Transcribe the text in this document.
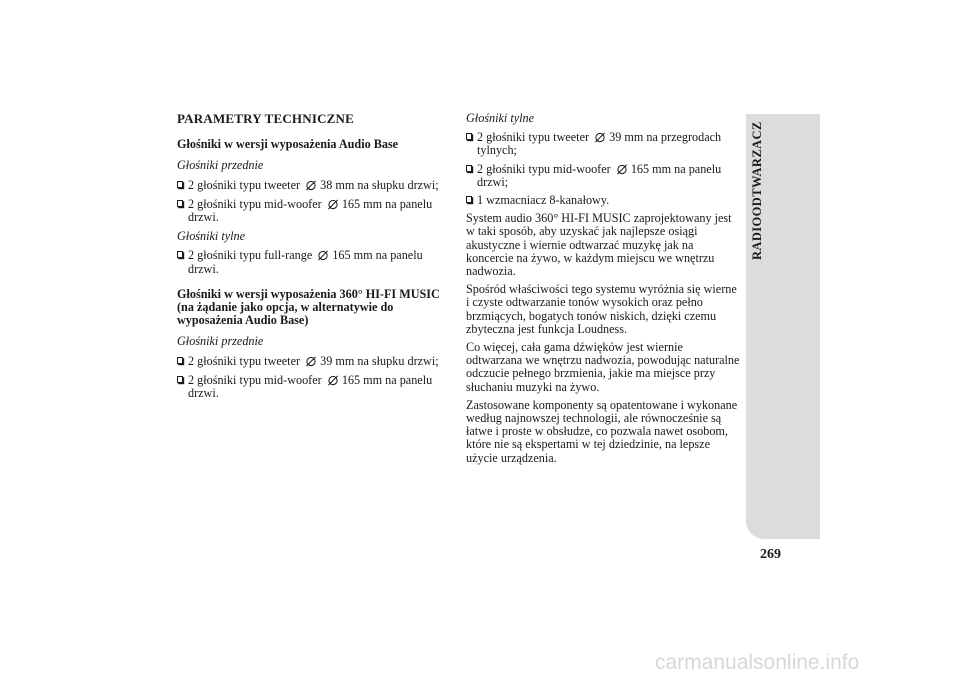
PARAMETRY TECHNICZNE
Głośniki w wersji wyposażenia Audio Base
Głośniki przednie
2 głośniki typu tweeter 38 mm na słupku drzwi;
2 głośniki typu mid-woofer 165 mm na panelu drzwi.
Głośniki tylne
2 głośniki typu full-range 165 mm na panelu drzwi.
Głośniki w wersji wyposażenia 360° HI-FI MUSIC (na żądanie jako opcja, w alternatywie do wyposażenia Audio Base)
Głośniki przednie
2 głośniki typu tweeter 39 mm na słupku drzwi;
2 głośniki typu mid-woofer 165 mm na panelu drzwi.
Głośniki tylne
2 głośniki typu tweeter 39 mm na przegrodach tylnych;
2 głośniki typu mid-woofer 165 mm na panelu drzwi;
1 wzmacniacz 8-kanałowy.
System audio 360° HI-FI MUSIC zaprojektowany jest w taki sposób, aby uzyskać jak najlepsze osiągi akustyczne i wiernie odtwarzać muzykę jak na koncercie na żywo, w każdym miejscu we wnętrzu nadwozia.
Spośród właściwości tego systemu wyróżnia się wierne i czyste odtwarzanie tonów wysokich oraz pełno brzmiących, bogatych tonów niskich, dzięki czemu zbyteczna jest funkcja Loudness.
Co więcej, cała gama dźwięków jest wiernie odtwarzana we wnętrzu nadwozia, powodując naturalne odczucie pełnego brzmienia, jakie ma miejsce przy słuchaniu muzyki na żywo.
Zastosowane komponenty są opatentowane i wykonane według najnowszej technologii, ale równocześnie są łatwe i proste w obsłudze, co pozwala nawet osobom, które nie są ekspertami w tej dziedzinie, na lepsze użycie urządzenia.
RADIOODTWARZACZ
269
carmanualsonline.info
